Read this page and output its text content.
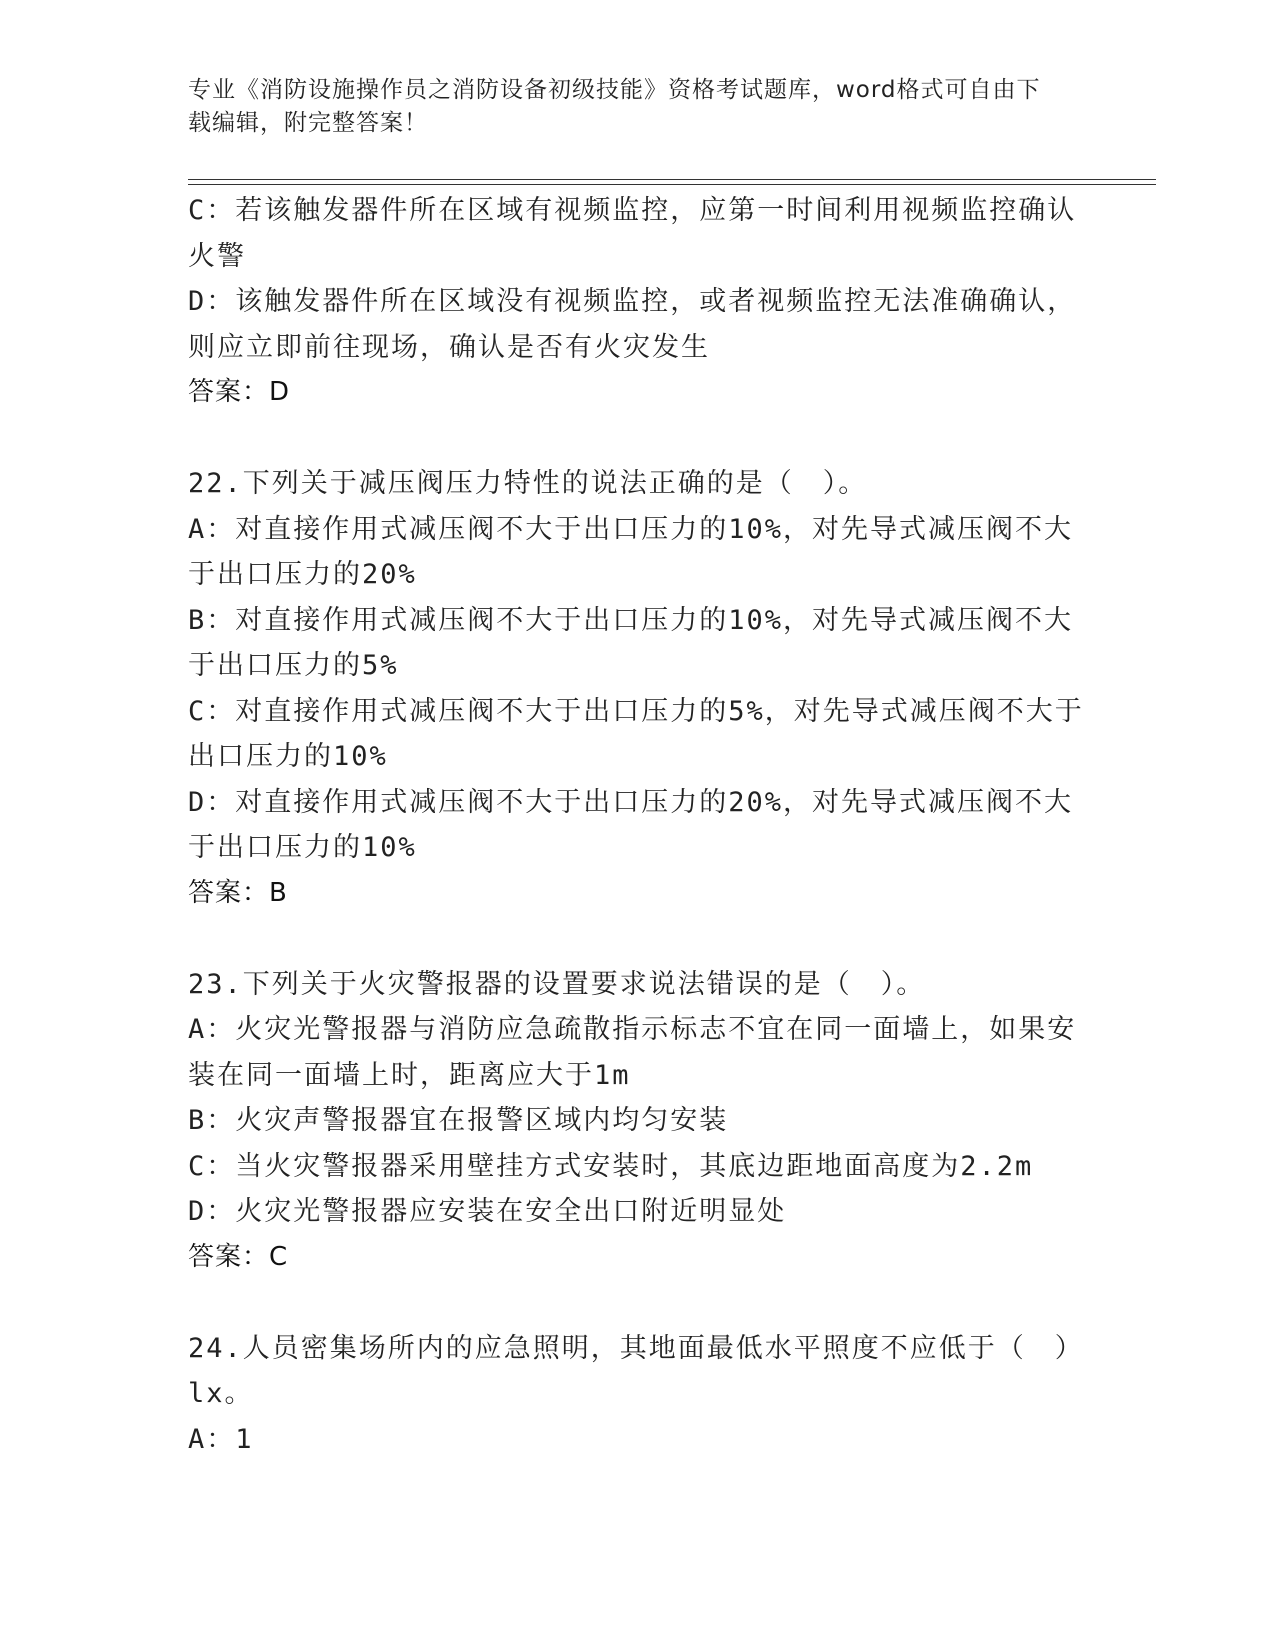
专业《消防设施操作员之消防设备初级技能》资格考试题库，word格式可自由下
载编辑，附完整答案！
C：若该触发器件所在区域有视频监控，应第一时间利用视频监控确认
火警
D：该触发器件所在区域没有视频监控，或者视频监控无法准确确认，
则应立即前往现场，确认是否有火灾发生
答案：D
22.下列关于减压阀压力特性的说法正确的是（　）。
A：对直接作用式减压阀不大于出口压力的10%，对先导式减压阀不大
于出口压力的20%
B：对直接作用式减压阀不大于出口压力的10%，对先导式减压阀不大
于出口压力的5%
C：对直接作用式减压阀不大于出口压力的5%，对先导式减压阀不大于
出口压力的10%
D：对直接作用式减压阀不大于出口压力的20%，对先导式减压阀不大
于出口压力的10%
答案：B
23.下列关于火灾警报器的设置要求说法错误的是（　）。
A：火灾光警报器与消防应急疏散指示标志不宜在同一面墙上，如果安
装在同一面墙上时，距离应大于1m
B：火灾声警报器宜在报警区域内均匀安装
C：当火灾警报器采用壁挂方式安装时，其底边距地面高度为2.2m
D：火灾光警报器应安装在安全出口附近明显处
答案：C
24.人员密集场所内的应急照明，其地面最低水平照度不应低于（　）
lx。
A：1
